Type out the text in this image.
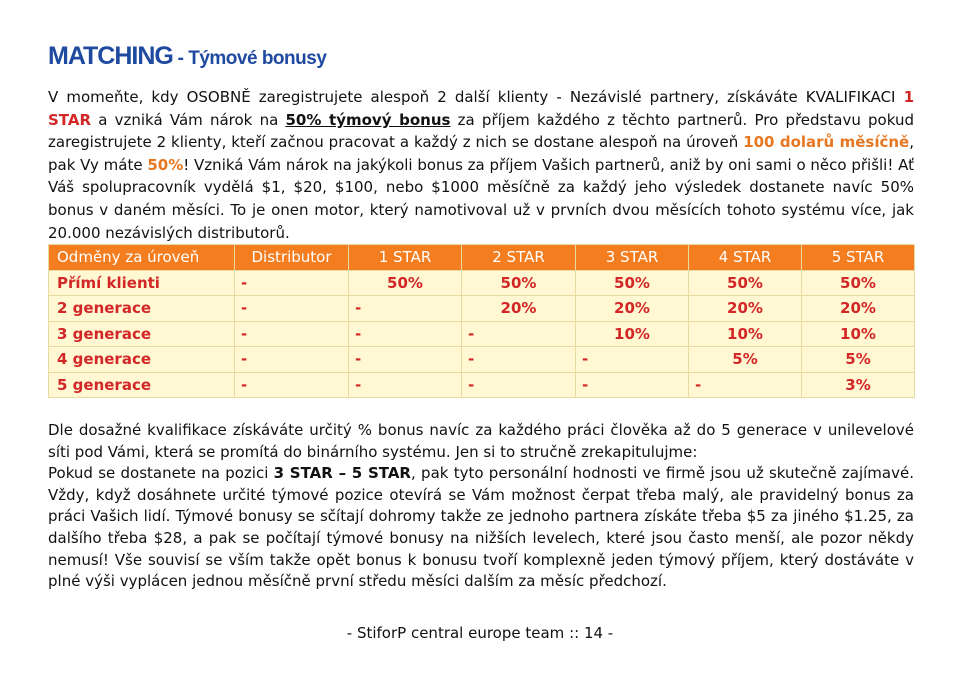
MATCHING - Týmové bonusy

V momeňte, kdy OSOBNĚ zaregistrujete alespoň 2 další klienty - Nezávislé partnery, získáváte KVALIFIKACI 1 STAR a vzniká Vám nárok na 50% týmový bonus za příjem každého z těchto partnerů. Pro představu pokud zaregistrujete 2 klienty, kteří začnou pracovat a každý z nich se dostane alespoň na úroveň 100 dolarů měsíčně, pak Vy máte 50%! Vzniká Vám nárok na jakýkoli bonus za příjem Vašich partnerů, aniž by oni sami o něco přišli! Ať Váš spolupracovník vydělá $1, $20, $100, nebo $1000 měsíčně za každý jeho výsledek dostanete navíc 50% bonus v daném měsíci. To je onen motor, který namotivoval už v prvních dvou měsících tohoto systému více, jak 20.000 nezávislých distributorů.

Odměny za úroveň	Distributor	1 STAR	2 STAR	3 STAR	4 STAR	5 STAR
Přímí klienti	-	50%	50%	50%	50%	50%
2 generace	-	-	20%	20%	20%	20%
3 generace	-	-	-	10%	10%	10%
4 generace	-	-	-	-	5%	5%
5 generace	-	-	-	-	-	3%
Dle dosažné kvalifikace získáváte určitý % bonus navíc za každého práci člověka až do 5 generace v unilevelové síti pod Vámi, která se promítá do binárního systému. Jen si to stručně zrekapitulujme:
Pokud se dostanete na pozici 3 STAR – 5 STAR, pak tyto personální hodnosti ve firmě jsou už skutečně zajímavé. Vždy, když dosáhnete určité týmové pozice otevírá se Vám možnost čerpat třeba malý, ale pravidelný bonus za práci Vašich lidí. Týmové bonusy se sčítají dohromy takže ze jednoho partnera získáte třeba $5 za jiného $1.25, za dalšího třeba $28, a pak se počítají týmové bonusy na nižších levelech, které jsou často menší, ale pozor někdy nemusí! Vše souvisí se vším takže opět bonus k bonusu tvoří komplexně jeden týmový příjem, který dostáváte v plné výši vyplácen jednou měsíčně první středu měsíci dalším za měsíc předchozí.

- StiforP central europe team :: 14 -
